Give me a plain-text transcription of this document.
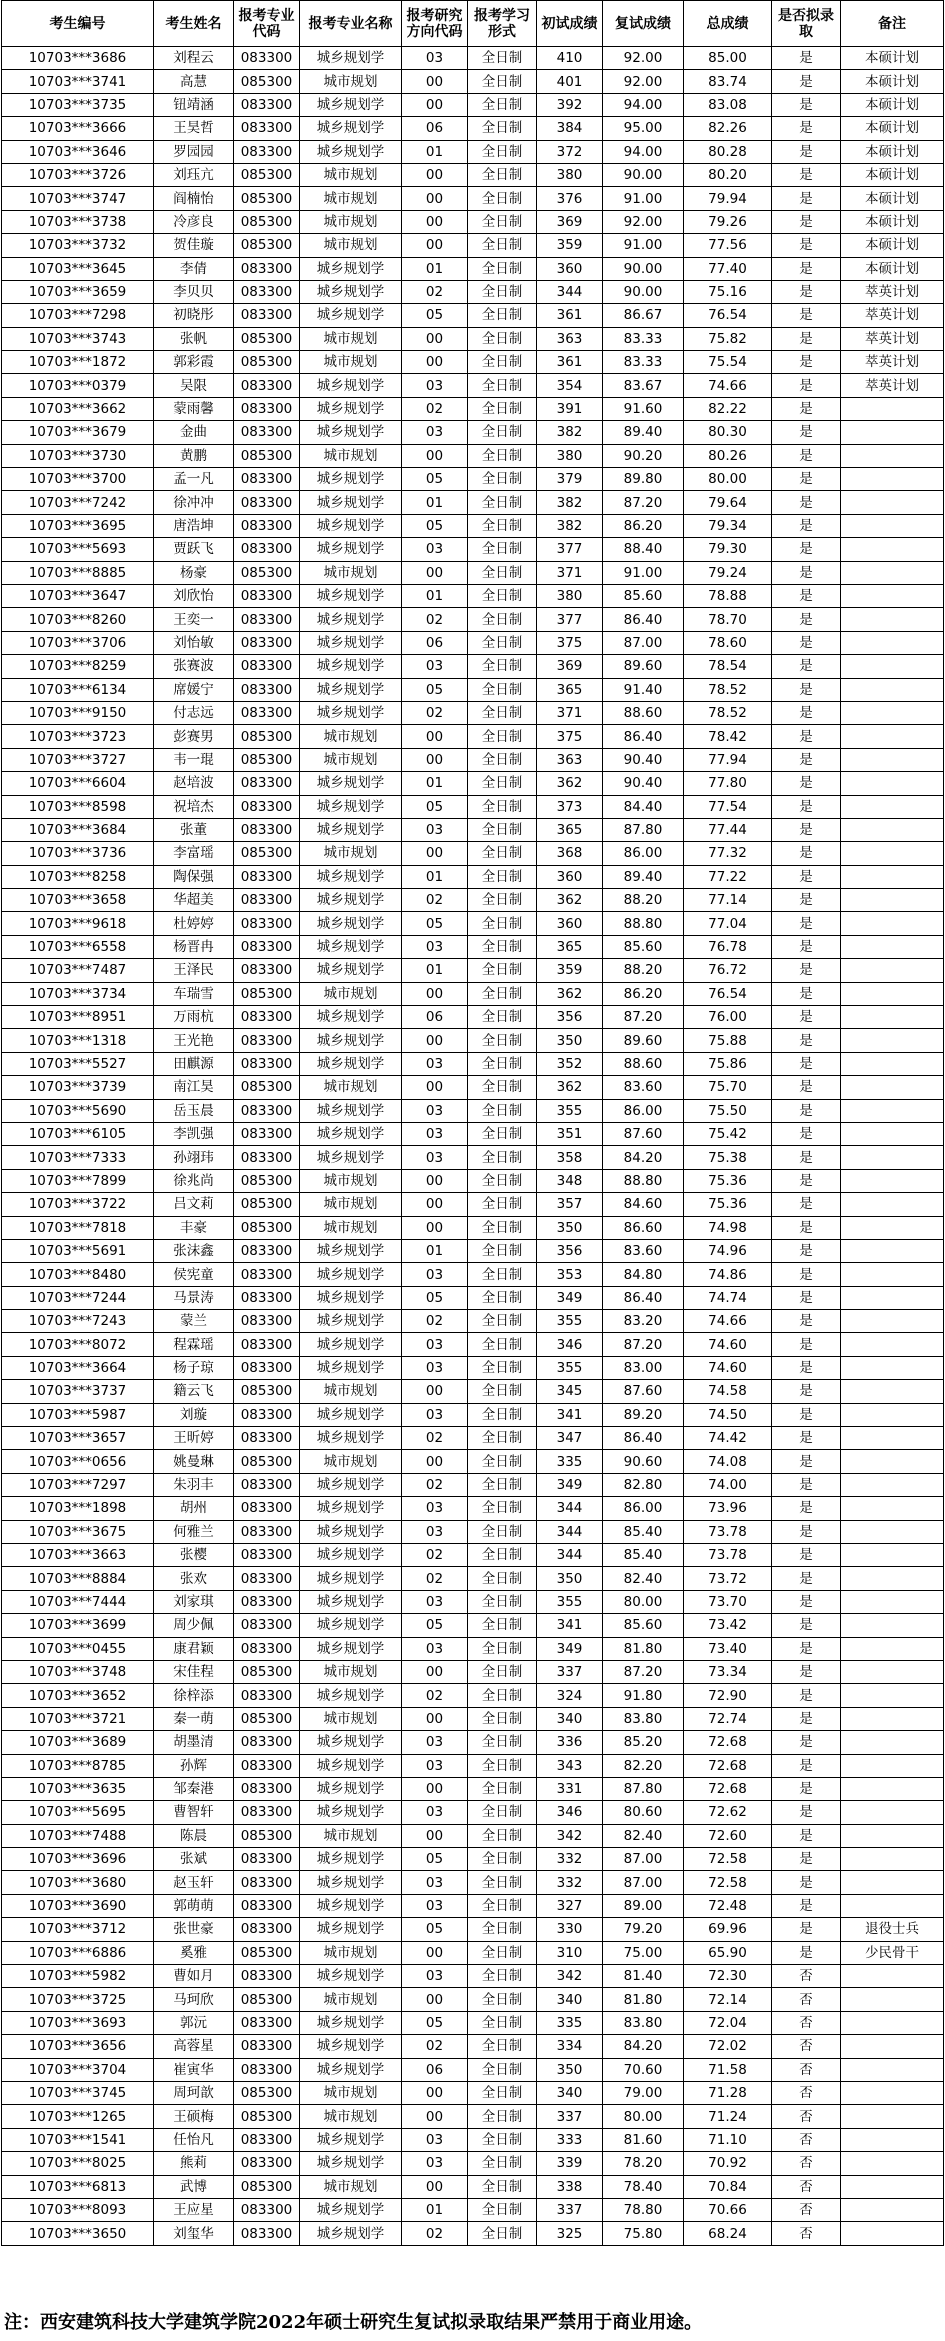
考生编号	考生姓名	报考专业代码	报考专业名称	报考研究方向代码	报考学习形式	初试成绩	复试成绩	总成绩	是否拟录取	备注
10703***3686	刘程云	083300	城乡规划学	03	全日制	410	92.00	85.00	是	本硕计划
10703***3741	高慧	085300	城市规划	00	全日制	401	92.00	83.74	是	本硕计划
10703***3735	钮靖涵	083300	城乡规划学	00	全日制	392	94.00	83.08	是	本硕计划
10703***3666	王昊哲	083300	城乡规划学	06	全日制	384	95.00	82.26	是	本硕计划
10703***3646	罗园园	083300	城乡规划学	01	全日制	372	94.00	80.28	是	本硕计划
10703***3726	刘珏亢	085300	城市规划	00	全日制	380	90.00	80.20	是	本硕计划
10703***3747	阎楠怡	085300	城市规划	00	全日制	376	91.00	79.94	是	本硕计划
10703***3738	冷彦良	085300	城市规划	00	全日制	369	92.00	79.26	是	本硕计划
10703***3732	贺佳璇	085300	城市规划	00	全日制	359	91.00	77.56	是	本硕计划
10703***3645	李倩	083300	城乡规划学	01	全日制	360	90.00	77.40	是	本硕计划
10703***3659	李贝贝	083300	城乡规划学	02	全日制	344	90.00	75.16	是	萃英计划
10703***7298	初晓彤	083300	城乡规划学	05	全日制	361	86.67	76.54	是	萃英计划
10703***3743	张帆	085300	城市规划	00	全日制	363	83.33	75.82	是	萃英计划
10703***1872	郭彩霞	085300	城市规划	00	全日制	361	83.33	75.54	是	萃英计划
10703***0379	吴限	083300	城乡规划学	03	全日制	354	83.67	74.66	是	萃英计划
10703***3662	蒙雨馨	083300	城乡规划学	02	全日制	391	91.60	82.22	是	
10703***3679	金曲	083300	城乡规划学	03	全日制	382	89.40	80.30	是	
10703***3730	黄鹏	085300	城市规划	00	全日制	380	90.20	80.26	是	
10703***3700	孟一凡	083300	城乡规划学	05	全日制	379	89.80	80.00	是	
10703***7242	徐冲冲	083300	城乡规划学	01	全日制	382	87.20	79.64	是	
10703***3695	唐浩坤	083300	城乡规划学	05	全日制	382	86.20	79.34	是	
10703***5693	贾跃飞	083300	城乡规划学	03	全日制	377	88.40	79.30	是	
10703***8885	杨豪	085300	城市规划	00	全日制	371	91.00	79.24	是	
10703***3647	刘欣怡	083300	城乡规划学	01	全日制	380	85.60	78.88	是	
10703***8260	王奕一	083300	城乡规划学	02	全日制	377	86.40	78.70	是	
10703***3706	刘怡敏	083300	城乡规划学	06	全日制	375	87.00	78.60	是	
10703***8259	张赛波	083300	城乡规划学	03	全日制	369	89.60	78.54	是	
10703***6134	席媛宁	083300	城乡规划学	05	全日制	365	91.40	78.52	是	
10703***9150	付志远	083300	城乡规划学	02	全日制	371	88.60	78.52	是	
10703***3723	彭赛男	085300	城市规划	00	全日制	375	86.40	78.42	是	
10703***3727	韦一琨	085300	城市规划	00	全日制	363	90.40	77.94	是	
10703***6604	赵培波	083300	城乡规划学	01	全日制	362	90.40	77.80	是	
10703***8598	祝培杰	083300	城乡规划学	05	全日制	373	84.40	77.54	是	
10703***3684	张董	083300	城乡规划学	03	全日制	365	87.80	77.44	是	
10703***3736	李富瑶	085300	城市规划	00	全日制	368	86.00	77.32	是	
10703***8258	陶保强	083300	城乡规划学	01	全日制	360	89.40	77.22	是	
10703***3658	华超美	083300	城乡规划学	02	全日制	362	88.20	77.14	是	
10703***9618	杜婷婷	083300	城乡规划学	05	全日制	360	88.80	77.04	是	
10703***6558	杨晋冉	083300	城乡规划学	03	全日制	365	85.60	76.78	是	
10703***7487	王泽民	083300	城乡规划学	01	全日制	359	88.20	76.72	是	
10703***3734	车瑞雪	085300	城市规划	00	全日制	362	86.20	76.54	是	
10703***8951	万雨杭	083300	城乡规划学	06	全日制	356	87.20	76.00	是	
10703***1318	王光艳	083300	城乡规划学	00	全日制	350	89.60	75.88	是	
10703***5527	田麒源	083300	城乡规划学	03	全日制	352	88.60	75.86	是	
10703***3739	南江昊	085300	城市规划	00	全日制	362	83.60	75.70	是	
10703***5690	岳玉晨	083300	城乡规划学	03	全日制	355	86.00	75.50	是	
10703***6105	李凯强	083300	城乡规划学	03	全日制	351	87.60	75.42	是	
10703***7333	孙翊玮	083300	城乡规划学	03	全日制	358	84.20	75.38	是	
10703***7899	徐兆尚	085300	城市规划	00	全日制	348	88.80	75.36	是	
10703***3722	吕文莉	085300	城市规划	00	全日制	357	84.60	75.36	是	
10703***7818	丰豪	085300	城市规划	00	全日制	350	86.60	74.98	是	
10703***5691	张沫鑫	083300	城乡规划学	01	全日制	356	83.60	74.96	是	
10703***8480	侯宪童	083300	城乡规划学	03	全日制	353	84.80	74.86	是	
10703***7244	马景涛	083300	城乡规划学	05	全日制	349	86.40	74.74	是	
10703***7243	蒙兰	083300	城乡规划学	02	全日制	355	83.20	74.66	是	
10703***8072	程霖瑶	083300	城乡规划学	03	全日制	346	87.20	74.60	是	
10703***3664	杨子琼	083300	城乡规划学	03	全日制	355	83.00	74.60	是	
10703***3737	籍云飞	085300	城市规划	00	全日制	345	87.60	74.58	是	
10703***5987	刘璇	083300	城乡规划学	03	全日制	341	89.20	74.50	是	
10703***3657	王昕婷	083300	城乡规划学	02	全日制	347	86.40	74.42	是	
10703***0656	姚曼琳	085300	城市规划	00	全日制	335	90.60	74.08	是	
10703***7297	朱羽丰	083300	城乡规划学	02	全日制	349	82.80	74.00	是	
10703***1898	胡州	083300	城乡规划学	03	全日制	344	86.00	73.96	是	
10703***3675	何雅兰	083300	城乡规划学	03	全日制	344	85.40	73.78	是	
10703***3663	张樱	083300	城乡规划学	02	全日制	344	85.40	73.78	是	
10703***8884	张欢	083300	城乡规划学	02	全日制	350	82.40	73.72	是	
10703***7444	刘家琪	083300	城乡规划学	03	全日制	355	80.00	73.70	是	
10703***3699	周少佩	083300	城乡规划学	05	全日制	341	85.60	73.42	是	
10703***0455	康君颖	083300	城乡规划学	03	全日制	349	81.80	73.40	是	
10703***3748	宋佳程	085300	城市规划	00	全日制	337	87.20	73.34	是	
10703***3652	徐梓添	083300	城乡规划学	02	全日制	324	91.80	72.90	是	
10703***3721	秦一萌	085300	城市规划	00	全日制	340	83.80	72.74	是	
10703***3689	胡墨清	083300	城乡规划学	03	全日制	336	85.20	72.68	是	
10703***8785	孙辉	083300	城乡规划学	03	全日制	343	82.20	72.68	是	
10703***3635	邹秦港	083300	城乡规划学	00	全日制	331	87.80	72.68	是	
10703***5695	曹智轩	083300	城乡规划学	03	全日制	346	80.60	72.62	是	
10703***7488	陈晨	085300	城市规划	00	全日制	342	82.40	72.60	是	
10703***3696	张斌	083300	城乡规划学	05	全日制	332	87.00	72.58	是	
10703***3680	赵玉轩	083300	城乡规划学	03	全日制	332	87.00	72.58	是	
10703***3690	郭萌萌	083300	城乡规划学	03	全日制	327	89.00	72.48	是	
10703***3712	张世豪	083300	城乡规划学	05	全日制	330	79.20	69.96	是	退役士兵
10703***6886	奚雅	085300	城市规划	00	全日制	310	75.00	65.90	是	少民骨干
10703***5982	曹如月	083300	城乡规划学	03	全日制	342	81.40	72.30	否	
10703***3725	马珂欣	085300	城市规划	00	全日制	340	81.80	72.14	否	
10703***3693	郭沅	083300	城乡规划学	05	全日制	335	83.80	72.04	否	
10703***3656	高蓉星	083300	城乡规划学	02	全日制	334	84.20	72.02	否	
10703***3704	崔寅华	083300	城乡规划学	06	全日制	350	70.60	71.58	否	
10703***3745	周珂歆	085300	城市规划	00	全日制	340	79.00	71.28	否	
10703***1265	王硕梅	085300	城市规划	00	全日制	337	80.00	71.24	否	
10703***1541	任怡凡	083300	城乡规划学	03	全日制	333	81.60	71.10	否	
10703***8025	熊莉	083300	城乡规划学	03	全日制	339	78.20	70.92	否	
10703***6813	武博	085300	城市规划	00	全日制	338	78.40	70.84	否	
10703***8093	王应星	083300	城乡规划学	01	全日制	337	78.80	70.66	否	
10703***3650	刘玺华	083300	城乡规划学	02	全日制	325	75.80	68.24	否	
注：西安建筑科技大学建筑学院2022年硕士研究生复试拟录取结果严禁用于商业用途。
